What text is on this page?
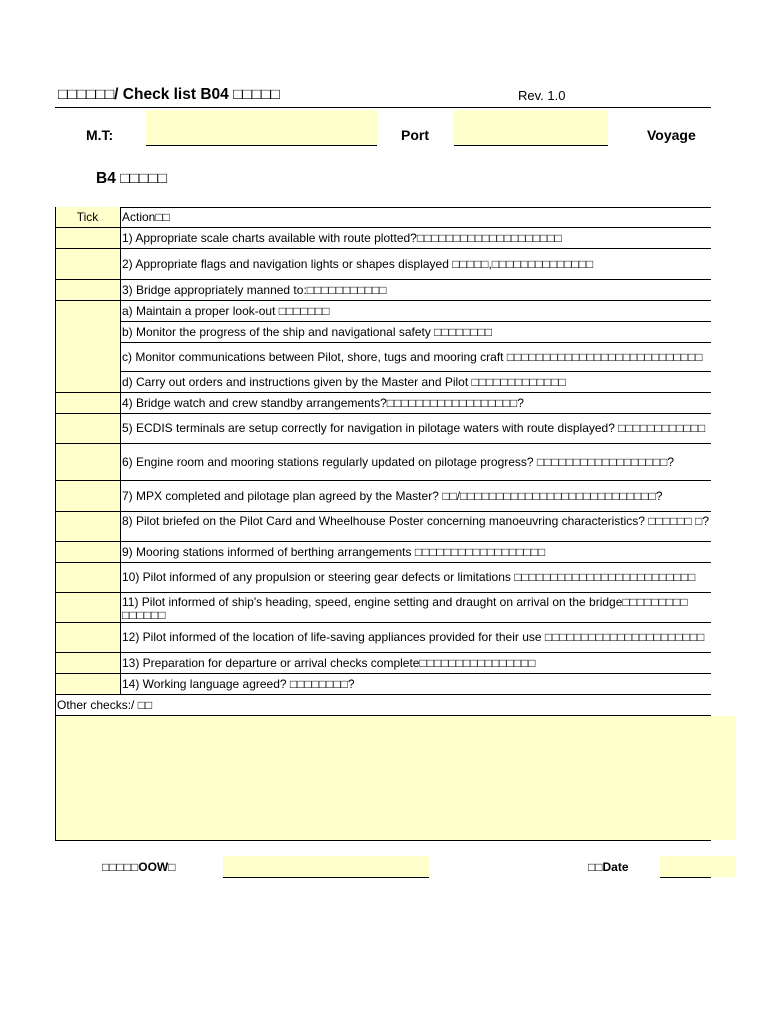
□□□□□□/ Check list B04 □□□□□	Rev. 1.0
M.T:	Port	Voyage
B4 □□□□□
Tick	Action□□
1) Appropriate scale charts available with route plotted?□□□□□□□□□□□□□□□□□□□□
2) Appropriate flags and navigation lights or shapes displayed □□□□□,□□□□□□□□□□□□□□
3) Bridge appropriately manned to:□□□□□□□□□□□
a) Maintain a proper look-out □□□□□□□
b) Monitor the progress of the ship and navigational safety □□□□□□□□
c) Monitor communications between Pilot, shore, tugs and mooring craft □□□□□□□□□□□□□□□□□□□□□□□□□□□
d) Carry out orders and instructions given by the Master and Pilot □□□□□□□□□□□□□
4) Bridge watch and crew standby arrangements?□□□□□□□□□□□□□□□□□□?
5) ECDIS terminals are setup correctly for navigation in pilotage waters with route displayed? □□□□□□□□□□□□
6) Engine room and mooring stations regularly updated on pilotage progress? □□□□□□□□□□□□□□□□□□?
7) MPX completed and pilotage plan agreed by the Master? □□/□□□□□□□□□□□□□□□□□□□□□□□□□□□?
8) Pilot briefed on the Pilot Card and Wheelhouse Poster concerning manoeuvring characteristics? □□□□□□ □?
9) Mooring stations informed of berthing arrangements □□□□□□□□□□□□□□□□□□
10) Pilot informed of any propulsion or steering gear defects or limitations □□□□□□□□□□□□□□□□□□□□□□□□□
11) Pilot informed of ship's heading, speed, engine setting and draught on arrival on the bridge□□□□□□□□□ □□□□□□
12) Pilot informed of the location of life-saving appliances provided for their use □□□□□□□□□□□□□□□□□□□□□□
13) Preparation for departure or arrival checks complete□□□□□□□□□□□□□□□□
14) Working language agreed? □□□□□□□□?
Other checks:/ □□
□□□□□OOW□	□□Date
